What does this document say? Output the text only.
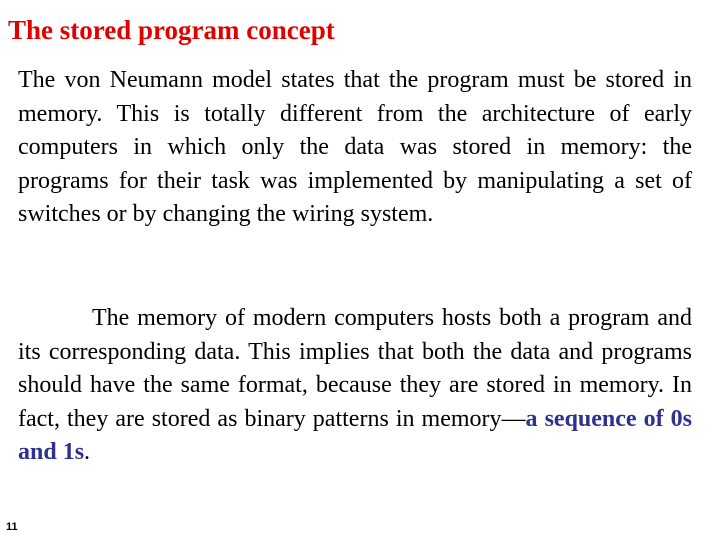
The stored program concept
The von Neumann model states that the program must be stored in memory. This is totally different from the architecture of early computers in which only the data was stored in memory: the programs for their task was implemented by manipulating a set of switches or by changing the wiring system.
The memory of modern computers hosts both a program and its corresponding data. This implies that both the data and programs should have the same format, because they are stored in memory. In fact, they are stored as binary patterns in memory—a sequence of 0s and 1s.
11
